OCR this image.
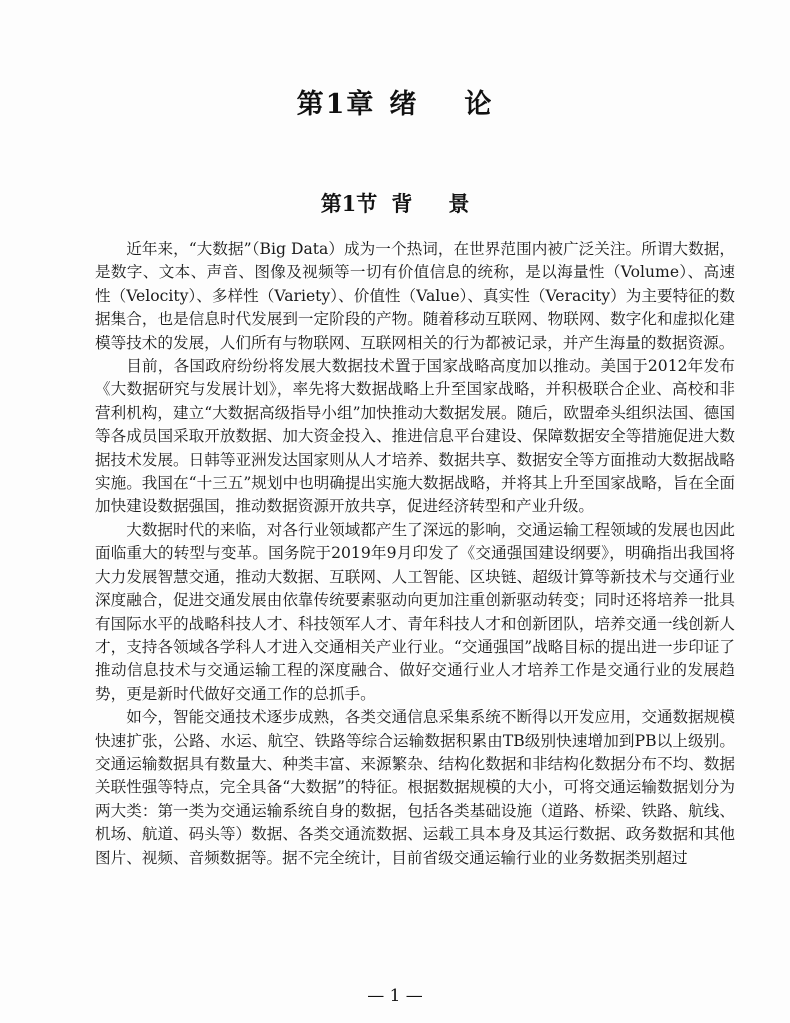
第1章 绪 论
第1节 背 景

近年来，“大数据”（Big Data）成为一个热词，在世界范围内被广泛关注。所谓大数据，是数字、文本、声音、图像及视频等一切有价值信息的统称，是以海量性（Volume）、高速性（Velocity）、多样性（Variety）、价值性（Value）、真实性（Veracity）为主要特征的数据集合，也是信息时代发展到一定阶段的产物。随着移动互联网、物联网、数字化和虚拟化建模等技术的发展，人们所有与物联网、互联网相关的行为都被记录，并产生海量的数据资源。

目前，各国政府纷纷将发展大数据技术置于国家战略高度加以推动。美国于2012年发布《大数据研究与发展计划》，率先将大数据战略上升至国家战略，并积极联合企业、高校和非营利机构，建立“大数据高级指导小组”加快推动大数据发展。随后，欧盟牵头组织法国、德国等各成员国采取开放数据、加大资金投入、推进信息平台建设、保障数据安全等措施促进大数据技术发展。日韩等亚洲发达国家则从人才培养、数据共享、数据安全等方面推动大数据战略实施。我国在“十三五”规划中也明确提出实施大数据战略，并将其上升至国家战略，旨在全面加快建设数据强国，推动数据资源开放共享，促进经济转型和产业升级。

大数据时代的来临，对各行业领域都产生了深远的影响，交通运输工程领域的发展也因此面临重大的转型与变革。国务院于2019年9月印发了《交通强国建设纲要》，明确指出我国将大力发展智慧交通，推动大数据、互联网、人工智能、区块链、超级计算等新技术与交通行业深度融合，促进交通发展由依靠传统要素驱动向更加注重创新驱动转变；同时还将培养一批具有国际水平的战略科技人才、科技领军人才、青年科技人才和创新团队，培养交通一线创新人才，支持各领域各学科人才进入交通相关产业行业。“交通强国”战略目标的提出进一步印证了推动信息技术与交通运输工程的深度融合、做好交通行业人才培养工作是交通行业的发展趋势，更是新时代做好交通工作的总抓手。

如今，智能交通技术逐步成熟，各类交通信息采集系统不断得以开发应用，交通数据规模快速扩张，公路、水运、航空、铁路等综合运输数据积累由TB级别快速增加到PB以上级别。交通运输数据具有数量大、种类丰富、来源繁杂、结构化数据和非结构化数据分布不均、数据关联性强等特点，完全具备“大数据”的特征。根据数据规模的大小，可将交通运输数据划分为两大类：第一类为交通运输系统自身的数据，包括各类基础设施（道路、桥梁、铁路、航线、机场、航道、码头等）数据、各类交通流数据、运载工具本身及其运行数据、政务数据和其他图片、视频、音频数据等。据不完全统计，目前省级交通运输行业的业务数据类别超过

— 1 —
